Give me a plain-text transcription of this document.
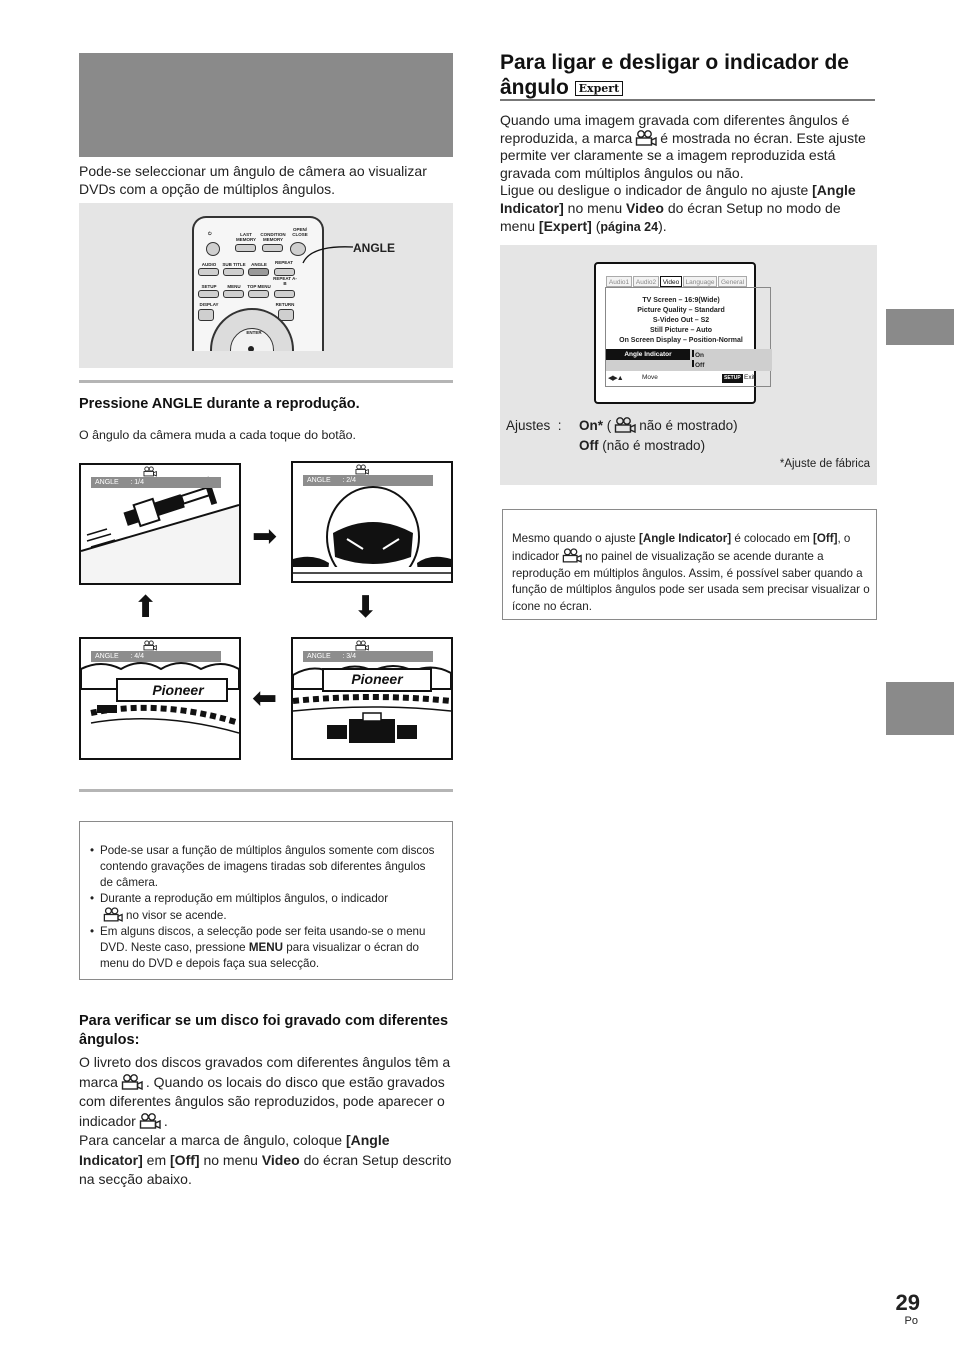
Pode-se seleccionar um ângulo de câmera ao visualizar DVDs com a opção de múltiplos ângulos.

⏻	LAST MEMORY
CONDITION MEMORY
OPEN/ CLOSE
AUDIO	SUB TITLE	ANGLE	REPEAT
SETUP	MENU	TOP MENU
REPEAT A-B
DISPLAY	RETURN
ENTER
ANGLE
Pressione ANGLE durante a reprodução.

O ângulo da câmera muda a cada toque do botão.

ANGLE      : 1/4	ANGLE      : 2/4
➡
⬇
⬅
⬆
Pioneer
ANGLE      : 4/4
Pioneer
ANGLE      : 3/4
• Pode-se usar a função de múltiplos ângulos somente com discos contendo gravações de imagens tiradas sob diferentes ângulos de câmera.
• Durante a reprodução em múltiplos ângulos, o indicador
no visor se acende.
• Em alguns discos, a selecção pode ser feita usando-se o menu DVD. Neste caso, pressione MENU para visualizar o écran do menu do DVD e depois faça sua selecção.
Para verificar se um disco foi gravado com diferentes ângulos:
O livreto dos discos gravados com diferentes ângulos têm a marca . Quando os locais do disco que estão gravados com diferentes ângulos são reproduzidos, pode aparecer o indicador .
Para cancelar a marca de ângulo, coloque [Angle Indicator] em [Off] no menu Video do écran Setup descrito na secção abaixo.
Para ligar e desligar o indicador de ângulo Expert
Quando uma imagem gravada com diferentes ângulos é reproduzida, a marca é mostrada no écran. Este ajuste permite ver claramente se a imagem reproduzida está gravada com múltiplos ângulos ou não.
Ligue ou desligue o indicador de ângulo no ajuste [Angle Indicator] no menu Video do écran Setup no modo de menu [Expert] (página 24).
Audio1	Audio2	Video Language General
TV Screen – 16:9(Wide)
Picture Quality – Standard
S-Video Out – S2
Still Picture – Auto
On Screen Display – Position-Normal
Angle Indicator	On
Off
◀▶▲	Move	SETUP Exit
Ajustes : On* ( não é mostrado)
Off (não é mostrado)
*Ajuste de fábrica
Mesmo quando o ajuste [Angle Indicator] é colocado em [Off], o indicador no painel de visualização se acende durante a reprodução em múltiplos ângulos. Assim, é possível saber quando a função de múltiplos ângulos pode ser usada sem precisar visualizar o ícone no écran.
29
Po
